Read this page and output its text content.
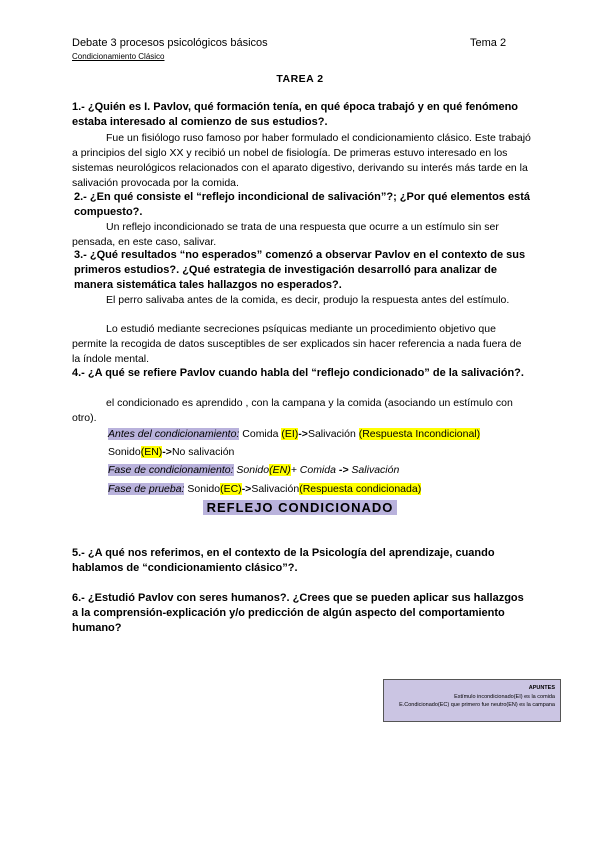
Debate 3 procesos psicológicos básicos	Tema 2
Condicionamiento Clásico
TAREA 2
1.- ¿Quién es I. Pavlov, qué formación tenía, en qué época trabajó y en qué fenómeno estaba interesado al comienzo de sus estudios?.
Fue un fisiólogo ruso famoso por haber formulado el condicionamiento clásico. Este trabajó a principios del siglo XX y recibió un nobel de fisiología. De primeras estuvo interesado en los sistemas neurológicos relacionados con el aparato digestivo, derivando su interés más tarde en la salivación provocada por la comida.
2.- ¿En qué consiste el “reflejo incondicional de salivación”?; ¿Por qué elementos está compuesto?.
Un reflejo incondicionado se trata de una respuesta que ocurre a un estímulo sin ser pensada, en este caso, salivar.
3.- ¿Qué resultados “no esperados” comenzó a observar Pavlov en el contexto de sus primeros estudios?. ¿Qué estrategia de investigación desarrolló para analizar de manera sistemática tales hallazgos no esperados?.
El perro salivaba antes de la comida, es decir, produjo la respuesta antes del estímulo.
Lo estudió mediante secreciones psíquicas mediante un procedimiento objetivo que permite la recogida de datos susceptibles de ser explicados sin hacer referencia a nada fuera de la índole mental.
4.- ¿A qué se refiere Pavlov cuando habla del “reflejo condicionado” de la salivación?.
el condicionado es aprendido , con la campana y la comida (asociando un estímulo con otro).
Antes del condicionamiento: Comida (EI)->Salivación (Respuesta Incondicional)
Sonido(EN)->No salivación
Fase de condicionamiento: Sonido(EN)+ Comida -> Salivación
Fase de prueba: Sonido(EC)->Salivación(Respuesta condicionada)
REFLEJO CONDICIONADO
5.- ¿A qué nos referimos, en el contexto de la Psicología del aprendizaje, cuando hablamos de “condicionamiento clásico”?.
6.- ¿Estudió Pavlov con seres humanos?. ¿Crees que se pueden aplicar sus hallazgos a la comprensión-explicación y/o predicción de algún aspecto del comportamiento humano?
APUNTES
Estímulo incondicionado(EI) es la comida
E.Condicionado(EC) que primero fue neutro(EN) es la campana
